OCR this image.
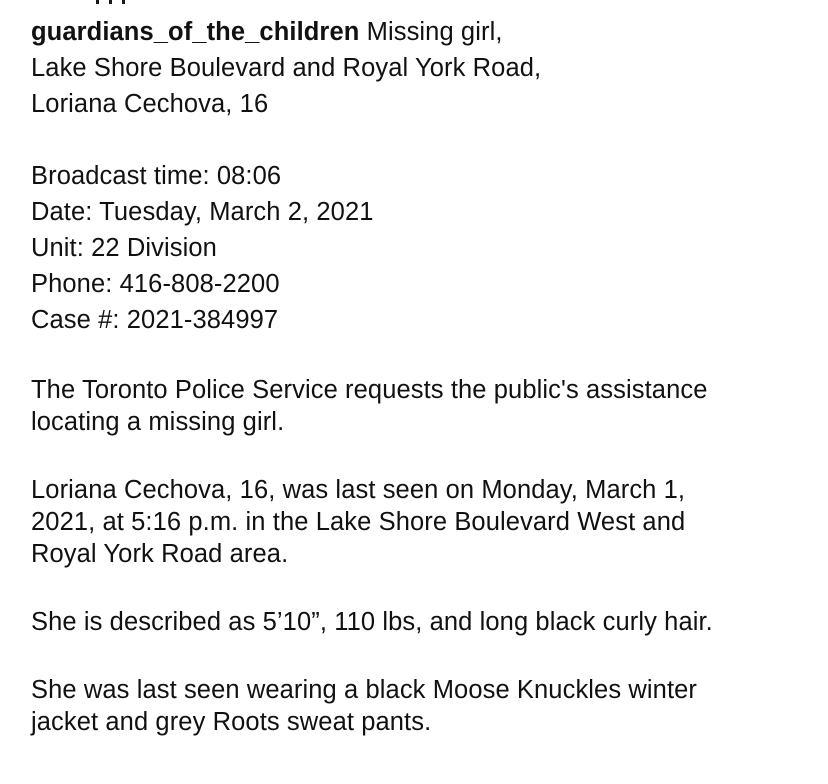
guardians_of_the_children Missing girl,
Lake Shore Boulevard and Royal York Road,
Loriana Cechova, 16
Broadcast time: 08:06
Date: Tuesday, March 2, 2021
Unit: 22 Division
Phone: 416-808-2200
Case #: 2021-384997
The Toronto Police Service requests the public's assistance
locating a missing girl.
Loriana Cechova, 16, was last seen on Monday, March 1,
2021, at 5:16 p.m. in the Lake Shore Boulevard West and
Royal York Road area.
She is described as 5’10”, 110 lbs, and long black curly hair.
She was last seen wearing a black Moose Knuckles winter
jacket and grey Roots sweat pants.
